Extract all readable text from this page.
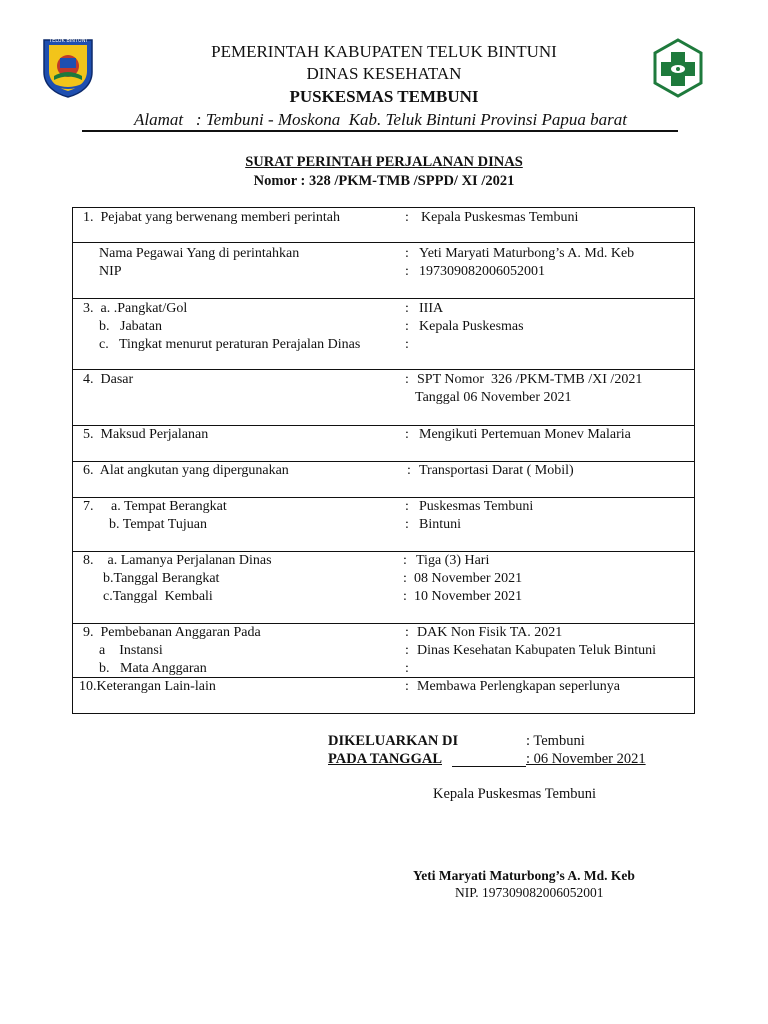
TELUK BINTUNI
PEMERINTAH KABUPATEN TELUK BINTUNI
DINAS KESEHATAN
PUSKESMAS TEMBUNI
Alamat   : Tembuni - Moskona  Kab. Teluk Bintuni Provinsi Papua barat
SURAT PERINTAH PERJALANAN DINAS
Nomor : 328 /PKM-TMB /SPPD/ XI /2021
1.  Pejabat yang berwenang memberi perintah	: Kepala Puskesmas Tembuni
Nama Pegawai Yang di perintahkan	: Yeti Maryati Maturbong’s A. Md. Keb
NIP	: 197309082006052001
3.  a. .Pangkat/Gol	: IIIA
b.   Jabatan	: Kepala Puskesmas
c.   Tingkat menurut peraturan Perajalan Dinas	:
4.  Dasar	: SPT Nomor  326 /PKM-TMB /XI /2021
Tanggal 06 November 2021
5.  Maksud Perjalanan	: Mengikuti Pertemuan Monev Malaria
6.  Alat angkutan yang dipergunakan	: Transportasi Darat ( Mobil)
7.     a. Tempat Berangkat	: Puskesmas Tembuni
b. Tempat Tujuan	: Bintuni
8.    a. Lamanya Perjalanan Dinas	: Tiga (3) Hari
b.Tanggal Berangkat	: 08 November 2021
c.Tanggal  Kembali	: 10 November 2021
9.  Pembebanan Anggaran Pada	: DAK Non Fisik TA. 2021
a    Instansi	: Dinas Kesehatan Kabupaten Teluk Bintuni
b.   Mata Anggaran	:
10.Keterangan Lain-lain	: Membawa Perlengkapan seperlunya
DIKELUARKAN DI	: Tembuni
PADA TANGGAL	: 06 November 2021
Kepala Puskesmas Tembuni
Yeti Maryati Maturbong’s A. Md. Keb
NIP. 197309082006052001
